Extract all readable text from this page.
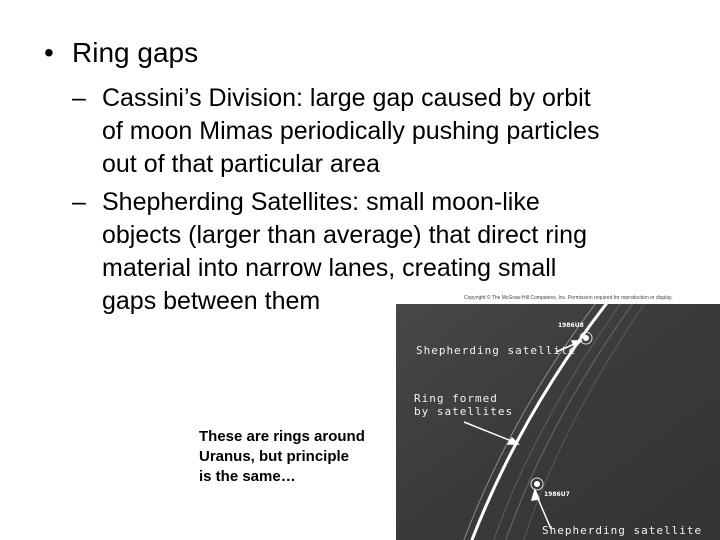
• Ring gaps
– Cassini’s Division: large gap caused by orbit
of moon Mimas periodically pushing particles
out of that particular area
– Shepherding Satellites: small moon-like
objects (larger than average) that direct ring
material into narrow lanes, creating small
gaps between them
These are rings around
Uranus, but principle
is the same…
Copyright © The McGraw-Hill Companies, Inc. Permission required for reproduction or display.
1986U8
Shepherding satellite
Ring formed
by satellites
1986U7
Shepherding satellite
